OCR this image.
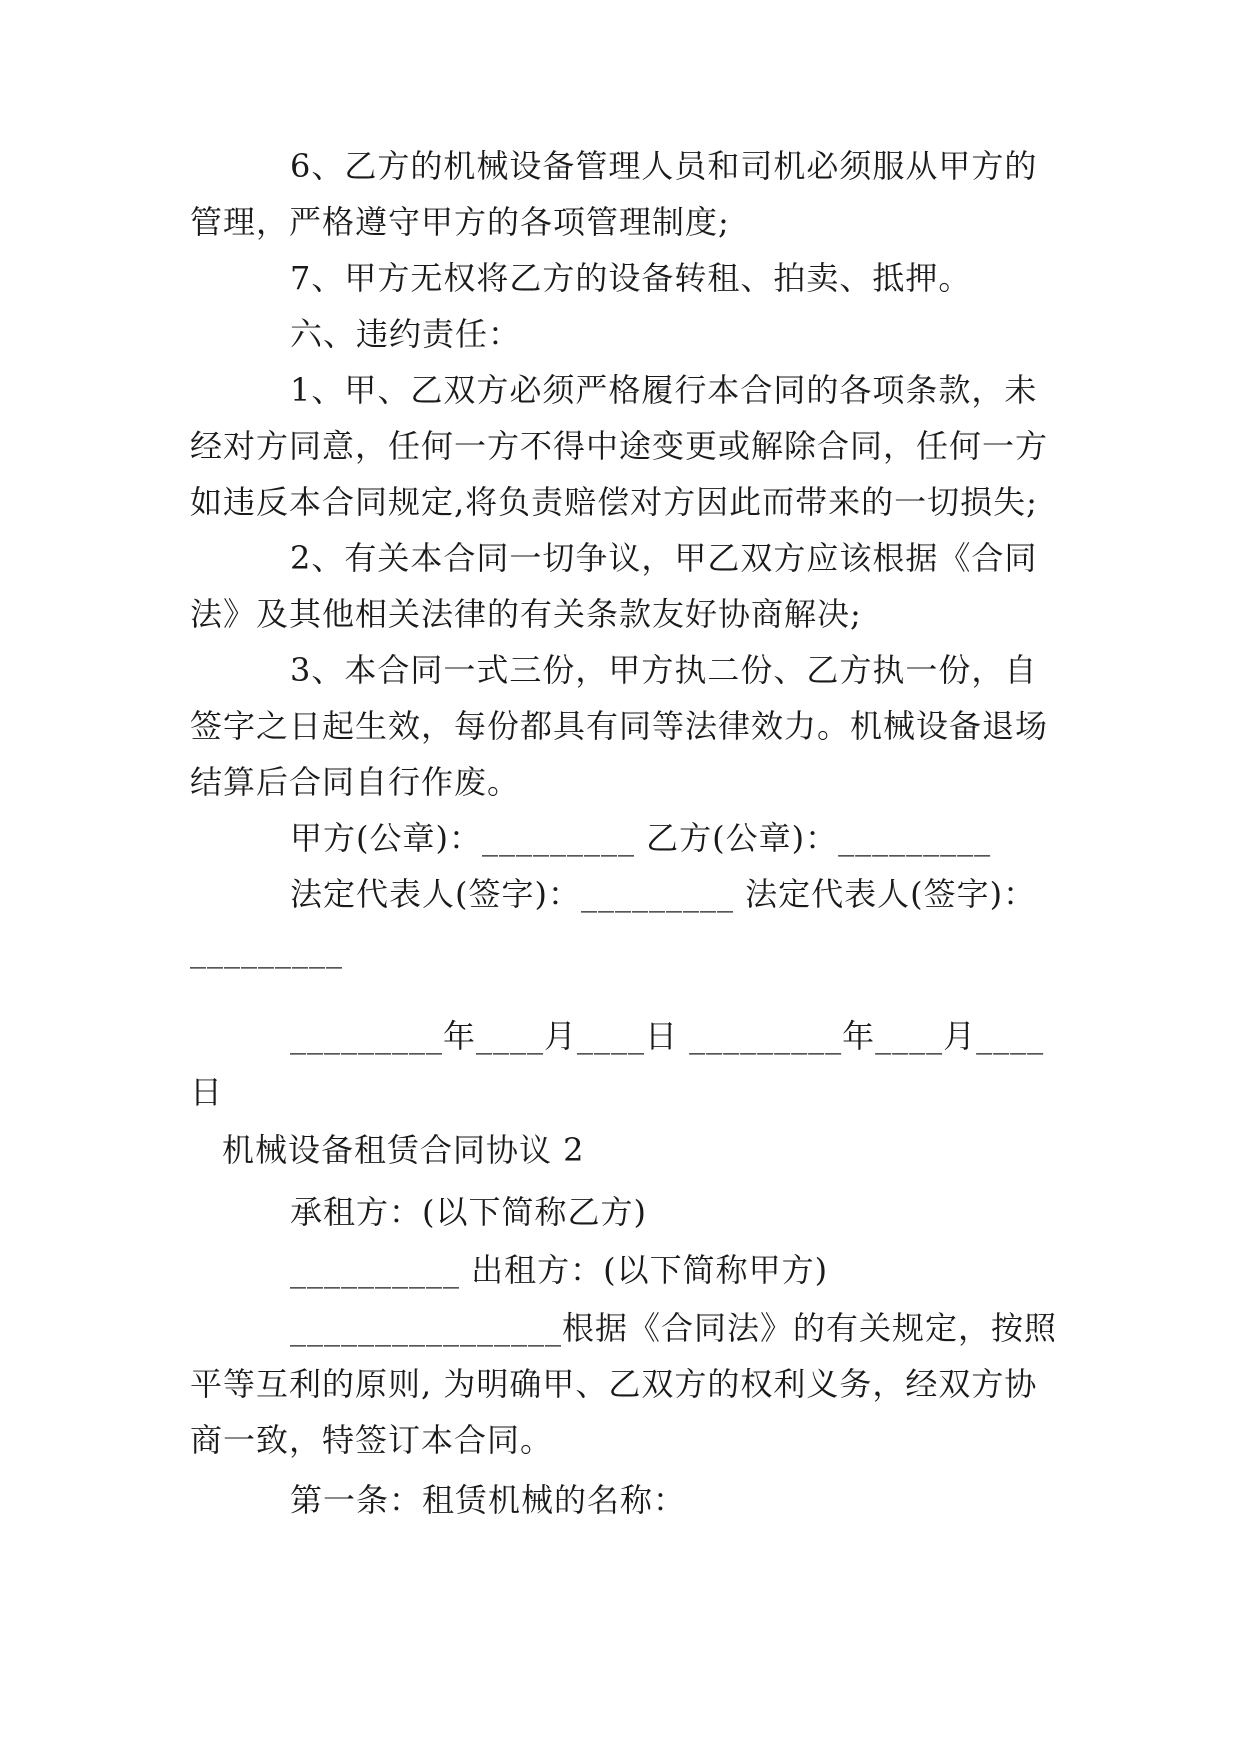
6、乙方的机械设备管理人员和司机必须服从甲方的
管理，严格遵守甲方的各项管理制度;
7、甲方无权将乙方的设备转租、拍卖、抵押。
六、违约责任：
1、甲、乙双方必须严格履行本合同的各项条款，未
经对方同意，任何一方不得中途变更或解除合同，任何一方
如违反本合同规定,将负责赔偿对方因此而带来的一切损失;
2、有关本合同一切争议，甲乙双方应该根据《合同
法》及其他相关法律的有关条款友好协商解决;
3、本合同一式三份，甲方执二份、乙方执一份，自
签字之日起生效，每份都具有同等法律效力。机械设备退场
结算后合同自行作废。
甲方(公章)：_________ 乙方(公章)：_________
法定代表人(签字)：_________ 法定代表人(签字)：
_________
_________年____月____日 _________年____月____
日
机械设备租赁合同协议 2
承租方：(以下简称乙方)
__________ 出租方：(以下简称甲方)
________________根据《合同法》的有关规定，按照
平等互利的原则, 为明确甲、乙双方的权利义务，经双方协
商一致，特签订本合同。
第一条：租赁机械的名称：
